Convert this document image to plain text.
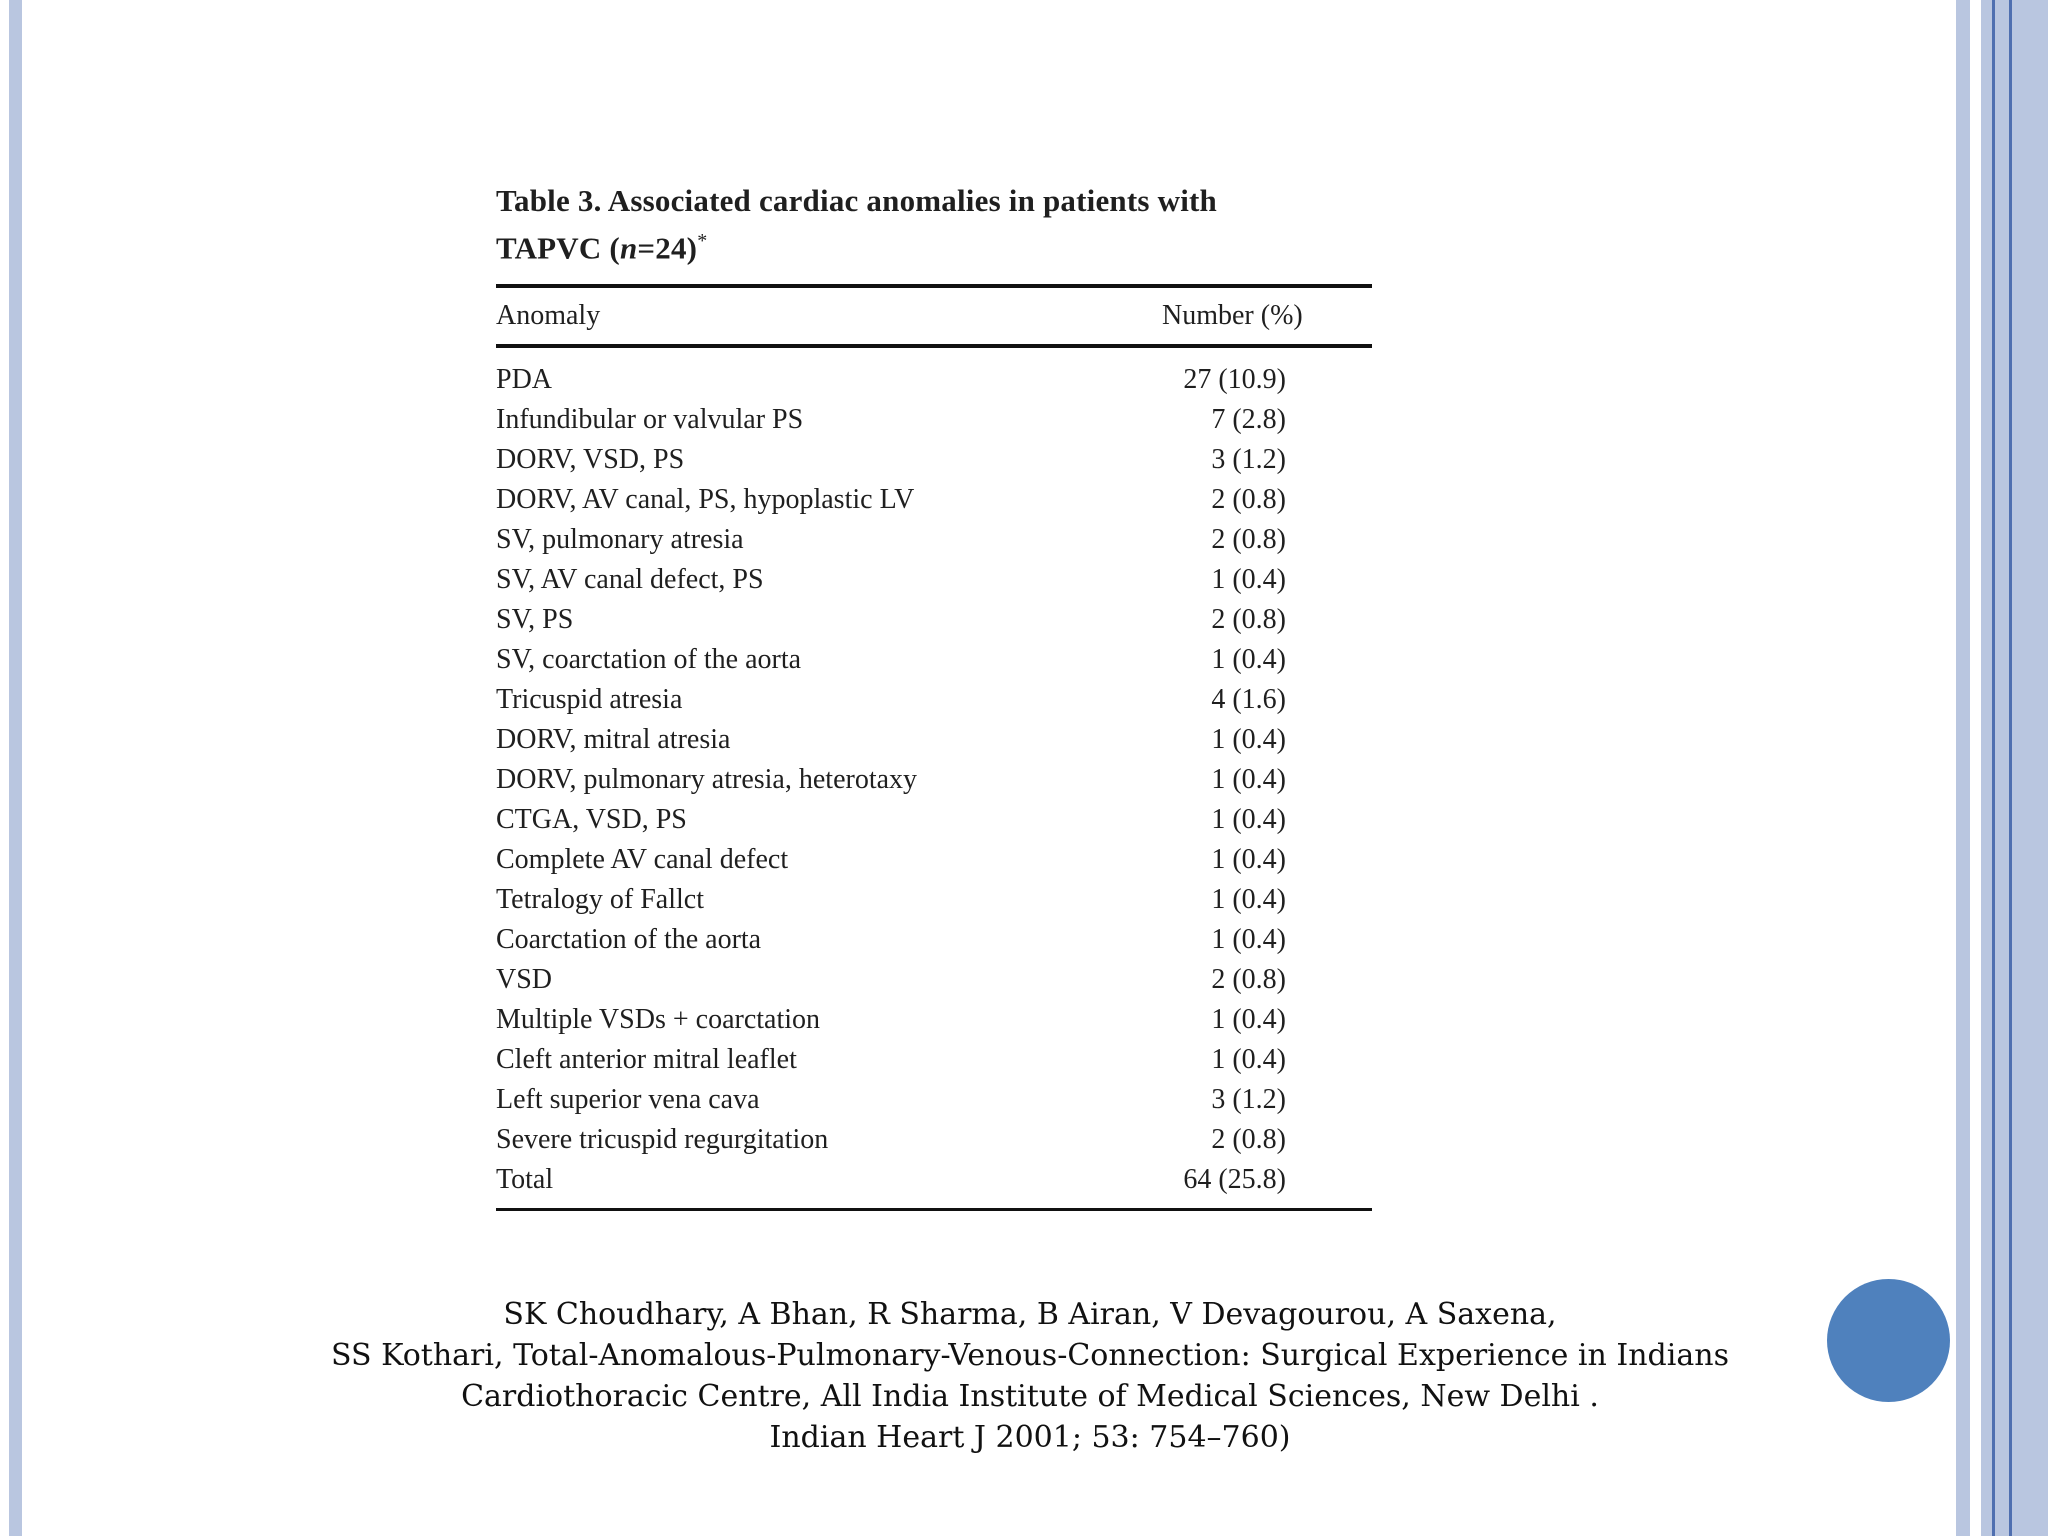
Table 3. Associated cardiac anomalies in patients with
TAPVC (n=24)*
Anomaly	Number (%)
PDA	27 (10.9)
Infundibular or valvular PS	7 (2.8)
DORV, VSD, PS	3 (1.2)
DORV, AV canal, PS, hypoplastic LV	2 (0.8)
SV, pulmonary atresia	2 (0.8)
SV, AV canal defect, PS	1 (0.4)
SV, PS	2 (0.8)
SV, coarctation of the aorta	1 (0.4)
Tricuspid atresia	4 (1.6)
DORV, mitral atresia	1 (0.4)
DORV, pulmonary atresia, heterotaxy	1 (0.4)
CTGA, VSD, PS	1 (0.4)
Complete AV canal defect	1 (0.4)
Tetralogy of Fallct	1 (0.4)
Coarctation of the aorta	1 (0.4)
VSD	2 (0.8)
Multiple VSDs + coarctation	1 (0.4)
Cleft anterior mitral leaflet	1 (0.4)
Left superior vena cava	3 (1.2)
Severe tricuspid regurgitation	2 (0.8)
Total	64 (25.8)
SK Choudhary, A Bhan, R Sharma, B Airan, V Devagourou, A Saxena,
SS Kothari, Total-Anomalous-Pulmonary-Venous-Connection: Surgical Experience in Indians
Cardiothoracic Centre, All India Institute of Medical Sciences, New Delhi .
Indian Heart J 2001; 53: 754–760)
